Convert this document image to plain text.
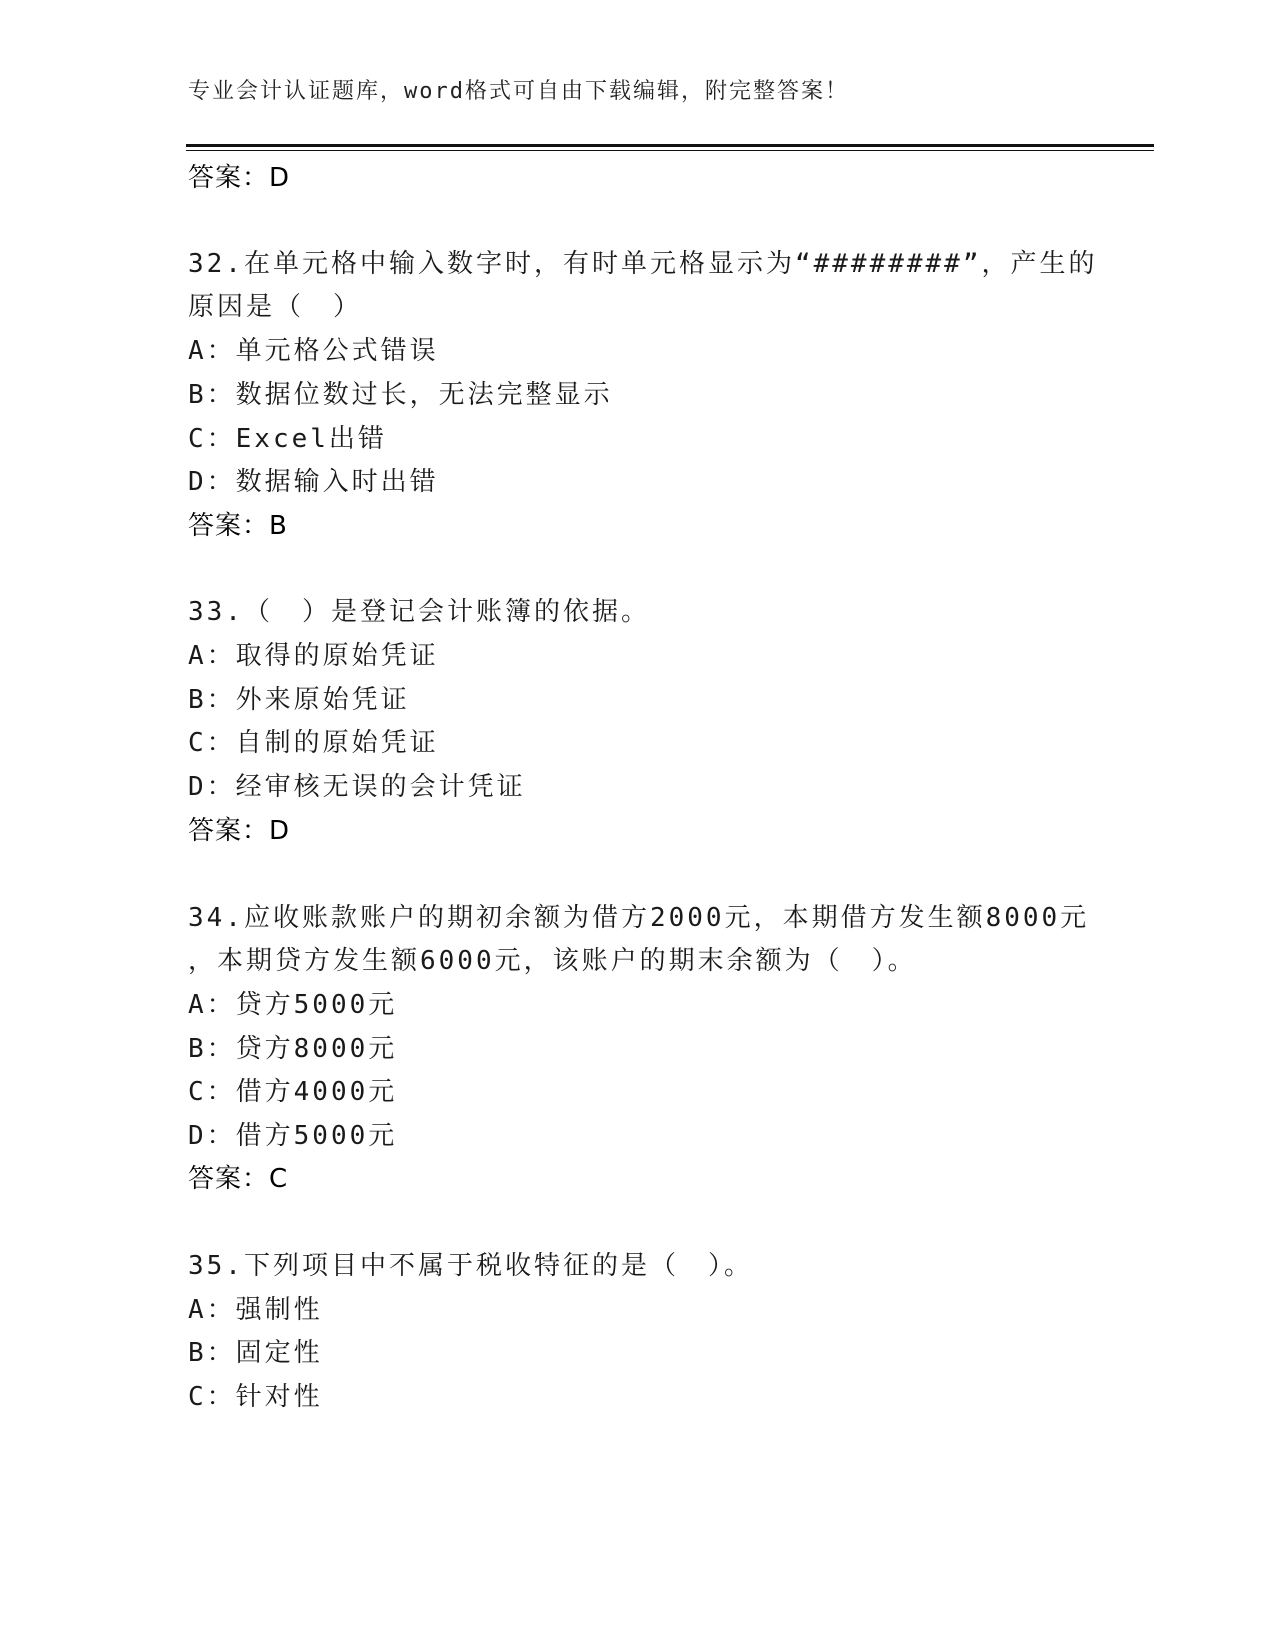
专业会计认证题库，word格式可自由下载编辑，附完整答案！
答案：D
32.在单元格中输入数字时，有时单元格显示为“########”，产生的
原因是（　）
A：单元格公式错误
B：数据位数过长，无法完整显示
C：Excel出错
D：数据输入时出错
答案：B
33.（　）是登记会计账簿的依据。
A：取得的原始凭证
B：外来原始凭证
C：自制的原始凭证
D：经审核无误的会计凭证
答案：D
34.应收账款账户的期初余额为借方2000元，本期借方发生额8000元
，本期贷方发生额6000元，该账户的期末余额为（　）。
A：贷方5000元
B：贷方8000元
C：借方4000元
D：借方5000元
答案：C
35.下列项目中不属于税收特征的是（　）。
A：强制性
B：固定性
C：针对性
